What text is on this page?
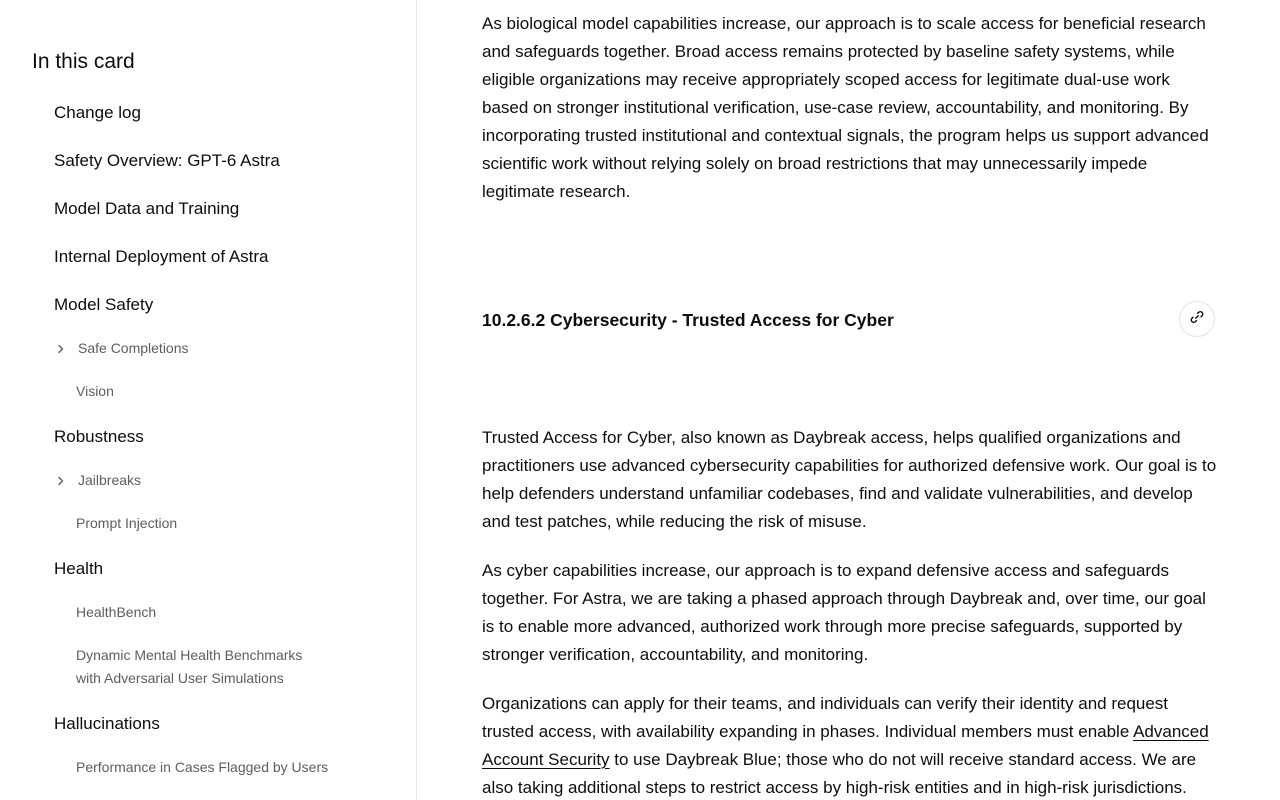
In this card
Change log
Safety Overview: GPT-6 Astra
Model Data and Training
Internal Deployment of Astra
Model Safety
Safe Completions
Vision
Robustness
Jailbreaks
Prompt Injection
Health
HealthBench
Dynamic Mental Health Benchmarks with Adversarial User Simulations
Hallucinations
Performance in Cases Flagged by Users

As biological model capabilities increase, our approach is to scale access for beneficial research and safeguards together. Broad access remains protected by baseline safety systems, while eligible organizations may receive appropriately scoped access for legitimate dual-use work based on stronger institutional verification, use-case review, accountability, and monitoring. By incorporating trusted institutional and contextual signals, the program helps us support advanced scientific work without relying solely on broad restrictions that may unnecessarily impede legitimate research.

10.2.6.2 Cybersecurity - Trusted Access for Cyber

Trusted Access for Cyber, also known as Daybreak access, helps qualified organizations and practitioners use advanced cybersecurity capabilities for authorized defensive work. Our goal is to help defenders understand unfamiliar codebases, find and validate vulnerabilities, and develop and test patches, while reducing the risk of misuse.

As cyber capabilities increase, our approach is to expand defensive access and safeguards together. For Astra, we are taking a phased approach through Daybreak and, over time, our goal is to enable more advanced, authorized work through more precise safeguards, supported by stronger verification, accountability, and monitoring.

Organizations can apply for their teams, and individuals can verify their identity and request trusted access, with availability expanding in phases. Individual members must enable Advanced Account Security to use Daybreak Blue; those who do not will receive standard access. We are also taking additional steps to restrict access by high-risk entities and in high-risk jurisdictions.
